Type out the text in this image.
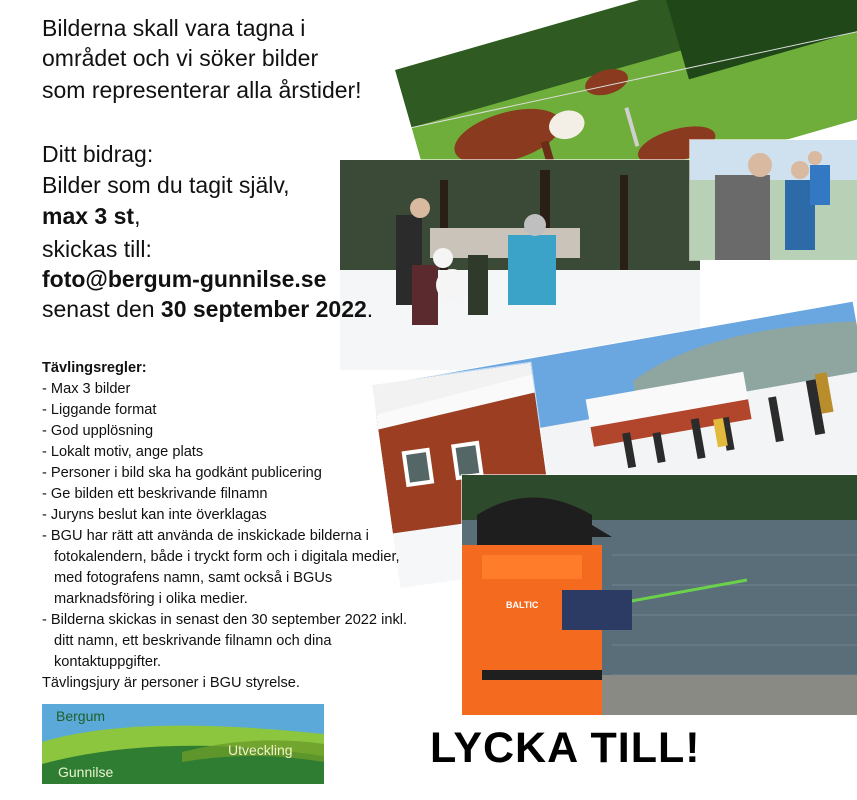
BALTIC
Bilderna skall vara tagna i
området och vi söker bilder
som representerar alla årstider!
Ditt bidrag:
Bilder som du tagit själv,
max 3 st,
skickas till:
foto@bergum-gunnilse.se
senast den 30 september 2022.
Tävlingsregler:
- Max 3 bilder
- Liggande format
- God upplösning
- Lokalt motiv, ange plats
- Personer i bild ska ha godkänt publicering
- Ge bilden ett beskrivande filnamn
- Juryns beslut kan inte överklagas
- BGU har rätt att använda de inskickade bilderna i fotokalendern, både i tryckt form och i digitala medier, med fotografens namn, samt också i BGUs marknadsföring i olika medier.
- Bilderna skickas in senast den 30 september 2022 inkl. ditt namn, ett beskrivande filnamn och dina kontaktuppgifter.
Tävlingsjury är personer i BGU styrelse.
Bergum
Utveckling
Gunnilse	LYCKA TILL!
